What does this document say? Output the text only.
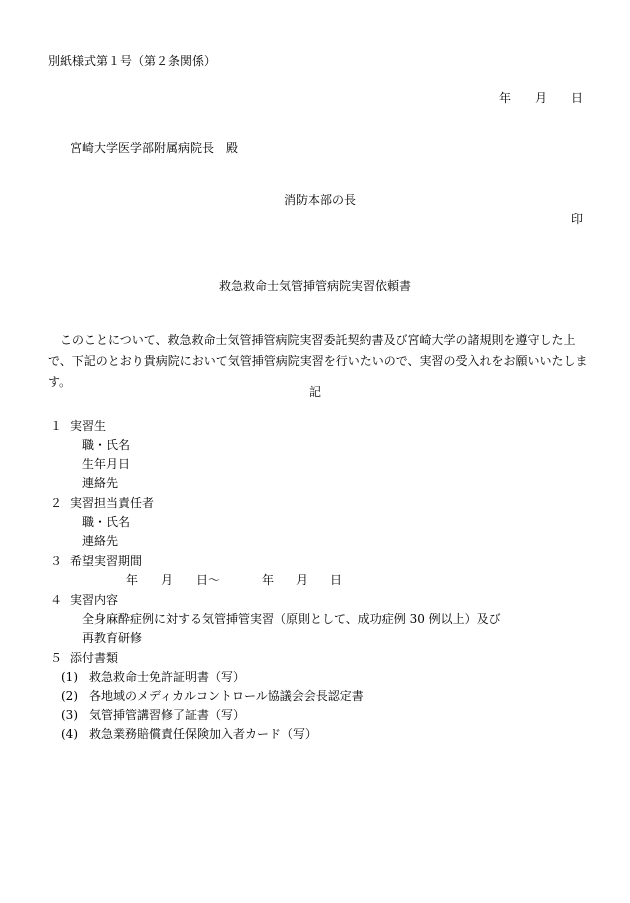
別紙様式第１号（第２条関係）
年 月 日
宮崎大学医学部附属病院長　殿
消防本部の長
印
救急救命士気管挿管病院実習依頼書
このことについて、救急救命士気管挿管病院実習委託契約書及び宮崎大学の諸規則を遵守した上で、下記のとおり貴病院において気管挿管病院実習を行いたいので、実習の受入れをお願いいたします。
記
１ 実習生
職・氏名
生年月日
連絡先
２ 実習担当責任者
職・氏名
連絡先
３ 希望実習期間
年 月 日〜	年 月 日
４ 実習内容
全身麻酔症例に対する気管挿管実習（原則として、成功症例 30 例以上）及び
再教育研修
５ 添付書類
(1) 救急救命士免許証明書（写）
(2) 各地域のメディカルコントロール協議会会長認定書
(3) 気管挿管講習修了証書（写）
(4) 救急業務賠償責任保険加入者カード（写）
